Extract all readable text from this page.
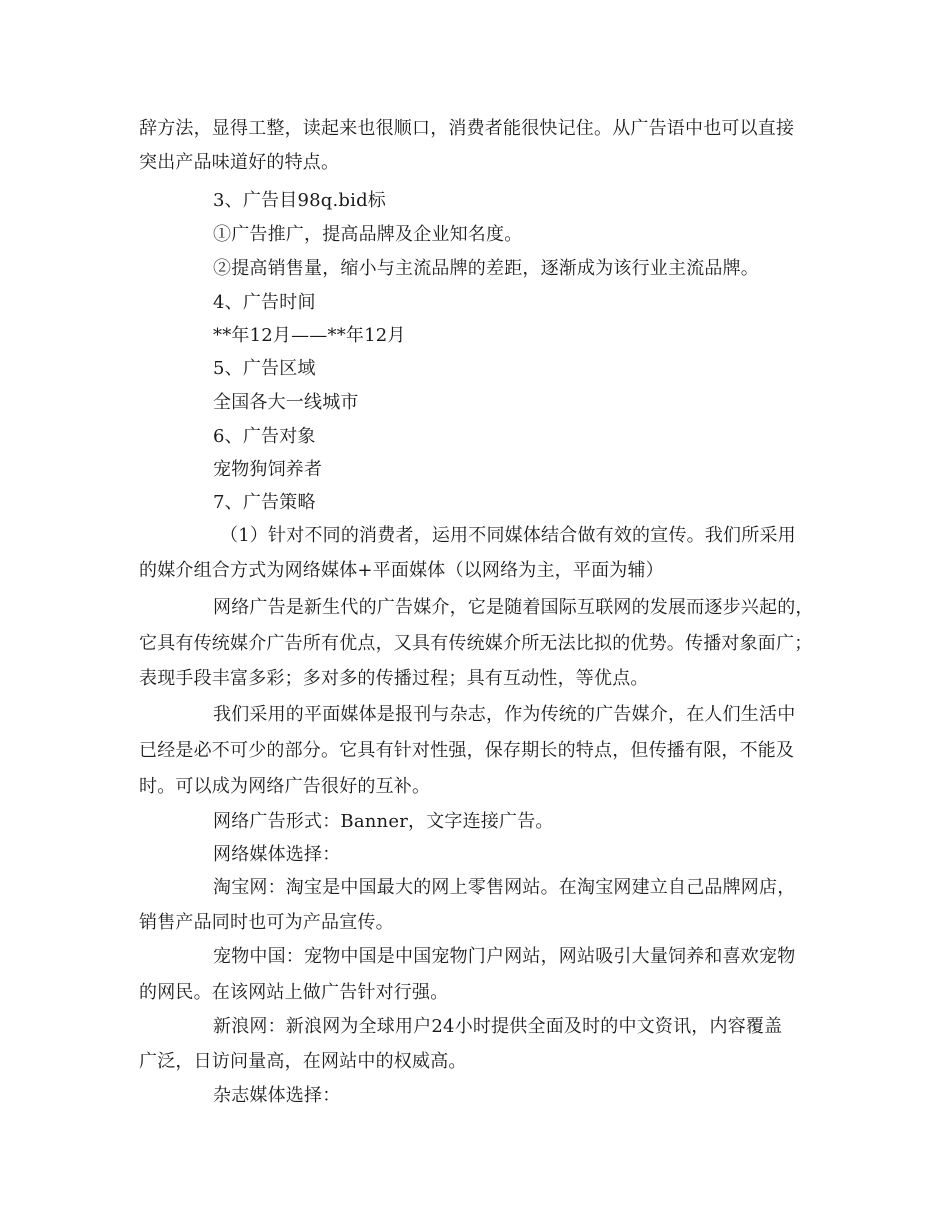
辞方法，显得工整，读起来也很顺口，消费者能很快记住。从广告语中也可以直接
突出产品味道好的特点。
3、广告目98q.bid标
①广告推广，提高品牌及企业知名度。
②提高销售量，缩小与主流品牌的差距，逐渐成为该行业主流品牌。
4、广告时间
**年12月——**年12月
5、广告区域
全国各大一线城市
6、广告对象
宠物狗饲养者
7、广告策略
（1）针对不同的消费者，运用不同媒体结合做有效的宣传。我们所采用
的媒介组合方式为网络媒体+平面媒体（以网络为主，平面为辅）
网络广告是新生代的广告媒介，它是随着国际互联网的发展而逐步兴起的，
它具有传统媒介广告所有优点，又具有传统媒介所无法比拟的优势。传播对象面广；
表现手段丰富多彩；多对多的传播过程；具有互动性，等优点。
我们采用的平面媒体是报刊与杂志，作为传统的广告媒介，在人们生活中
已经是必不可少的部分。它具有针对性强，保存期长的特点，但传播有限，不能及
时。可以成为网络广告很好的互补。
网络广告形式：Banner，文字连接广告。
网络媒体选择：
淘宝网：淘宝是中国最大的网上零售网站。在淘宝网建立自己品牌网店，
销售产品同时也可为产品宣传。
宠物中国：宠物中国是中国宠物门户网站，网站吸引大量饲养和喜欢宠物
的网民。在该网站上做广告针对行强。
新浪网：新浪网为全球用户24小时提供全面及时的中文资讯，内容覆盖
广泛，日访问量高，在网站中的权威高。
杂志媒体选择：
